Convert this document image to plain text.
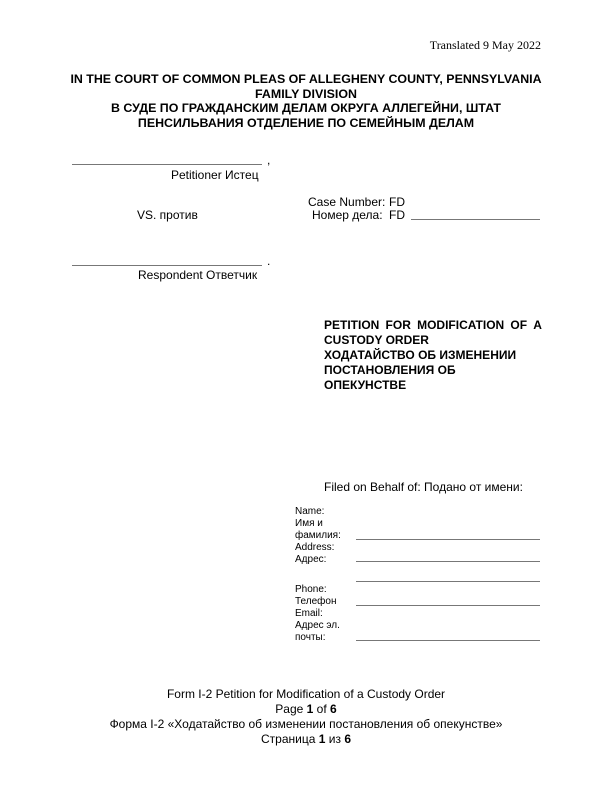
Translated 9 May 2022
IN THE COURT OF COMMON PLEAS OF ALLEGHENY COUNTY, PENNSYLVANIA
FAMILY DIVISION
В СУДЕ ПО ГРАЖДАНСКИМ ДЕЛАМ ОКРУГА АЛЛЕГЕЙНИ, ШТАТ
ПЕНСИЛЬВАНИЯ ОТДЕЛЕНИЕ ПО СЕМЕЙНЫМ ДЕЛАМ
,
Petitioner Истец
Case Number: FD
VS. против	Номер дела: FD
.
Respondent Ответчик
PETITION FOR MODIFICATION OF A
CUSTODY ORDER
ХОДАТАЙСТВО ОБ ИЗМЕНЕНИИ
ПОСТАНОВЛЕНИЯ ОБ
ОПЕКУНСТВЕ
Filed on Behalf of: Подано от имени:
Name:
Имя и
фамилия:
Address:
Адрес:
Phone:
Телефон
Email:
Адрес эл.
почты:
Form I-2 Petition for Modification of a Custody Order
Page 1 of 6
Форма I-2 «Ходатайство об изменении постановления об опекунстве»
Страница 1 из 6
